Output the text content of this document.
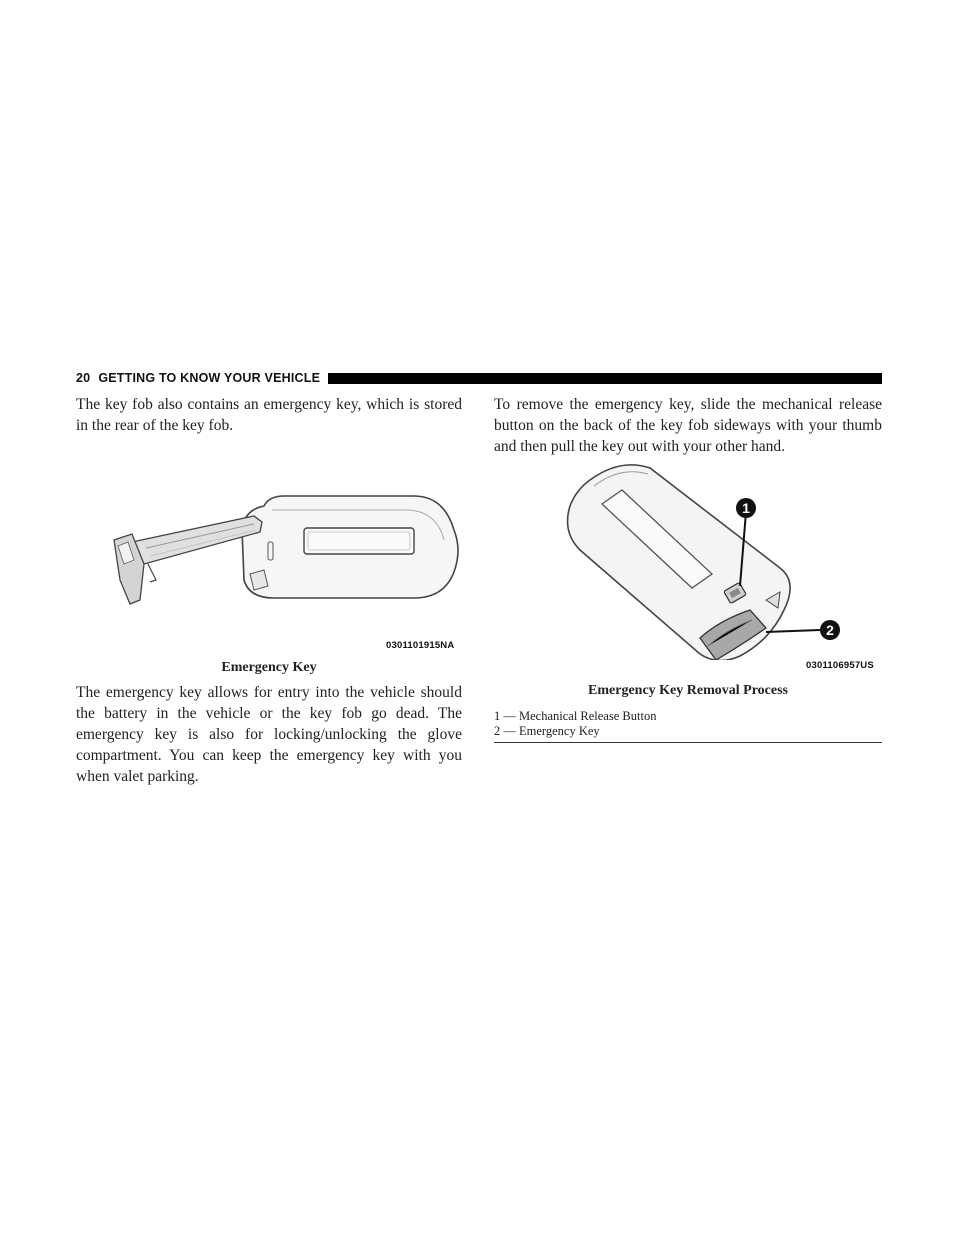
20 GETTING TO KNOW YOUR VEHICLE

The key fob also contains an emergency key, which is stored in the rear of the key fob.

0301101915NA
Emergency Key

The emergency key allows for entry into the vehicle should the battery in the vehicle or the key fob go dead. The emergency key is also for locking/unlocking the glove compartment. You can keep the emergency key with you when valet parking.

To remove the emergency key, slide the mechanical release button on the back of the key fob sideways with your thumb and then pull the key out with your other hand.

1
2
0301106957US
Emergency Key Removal Process
1 — Mechanical Release Button
2 — Emergency Key
